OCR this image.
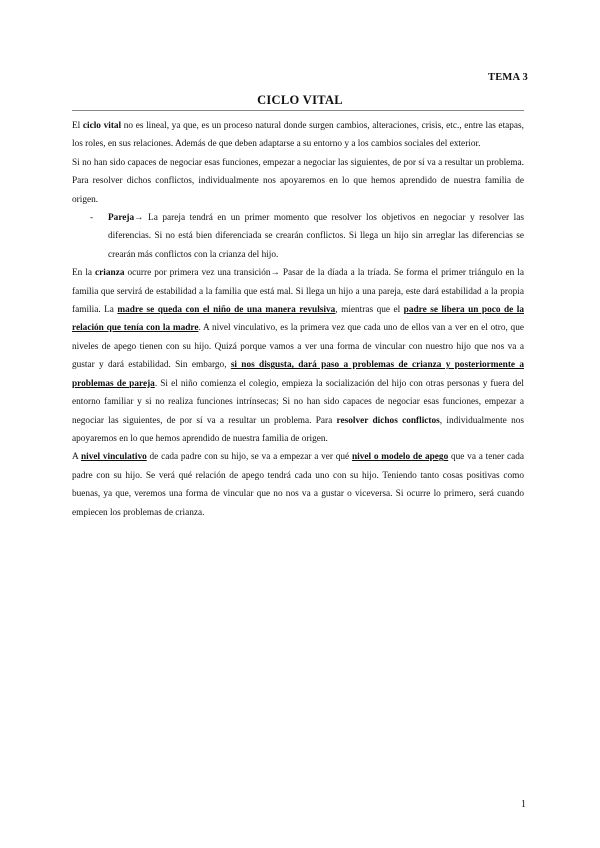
TEMA 3
CICLO VITAL

El ciclo vital no es lineal, ya que, es un proceso natural donde surgen cambios, alteraciones, crisis, etc., entre las etapas, los roles, en sus relaciones. Además de que deben adaptarse a su entorno y a los cambios sociales del exterior.

Si no han sido capaces de negociar esas funciones, empezar a negociar las siguientes, de por sí va a resultar un problema. Para resolver dichos conflictos, individualmente nos apoyaremos en lo que hemos aprendido de nuestra familia de origen.

- Pareja→ La pareja tendrá en un primer momento que resolver los objetivos en negociar y resolver las diferencias. Si no está bien diferenciada se crearán conflictos. Si llega un hijo sin arreglar las diferencias se crearán más conflictos con la crianza del hijo.

En la crianza ocurre por primera vez una transición→ Pasar de la díada a la tríada. Se forma el primer triángulo en la familia que servirá de estabilidad a la familia que está mal. Si llega un hijo a una pareja, este dará estabilidad a la propia familia. La madre se queda con el niño de una manera revulsiva, mientras que el padre se libera un poco de la relación que tenía con la madre. A nivel vinculativo, es la primera vez que cada uno de ellos van a ver en el otro, que niveles de apego tienen con su hijo. Quizá porque vamos a ver una forma de vincular con nuestro hijo que nos va a gustar y dará estabilidad. Sin embargo, si nos disgusta, dará paso a problemas de crianza y posteriormente a problemas de pareja. Si el niño comienza el colegio, empieza la socialización del hijo con otras personas y fuera del entorno familiar y si no realiza funciones intrínsecas; Si no han sido capaces de negociar esas funciones, empezar a negociar las siguientes, de por sí va a resultar un problema. Para resolver dichos conflictos, individualmente nos apoyaremos en lo que hemos aprendido de nuestra familia de origen.

A nivel vinculativo de cada padre con su hijo, se va a empezar a ver qué nivel o modelo de apego que va a tener cada padre con su hijo. Se verá qué relación de apego tendrá cada uno con su hijo. Teniendo tanto cosas positivas como buenas, ya que, veremos una forma de vincular que no nos va a gustar o viceversa. Si ocurre lo primero, será cuando empiecen los problemas de crianza.

1
